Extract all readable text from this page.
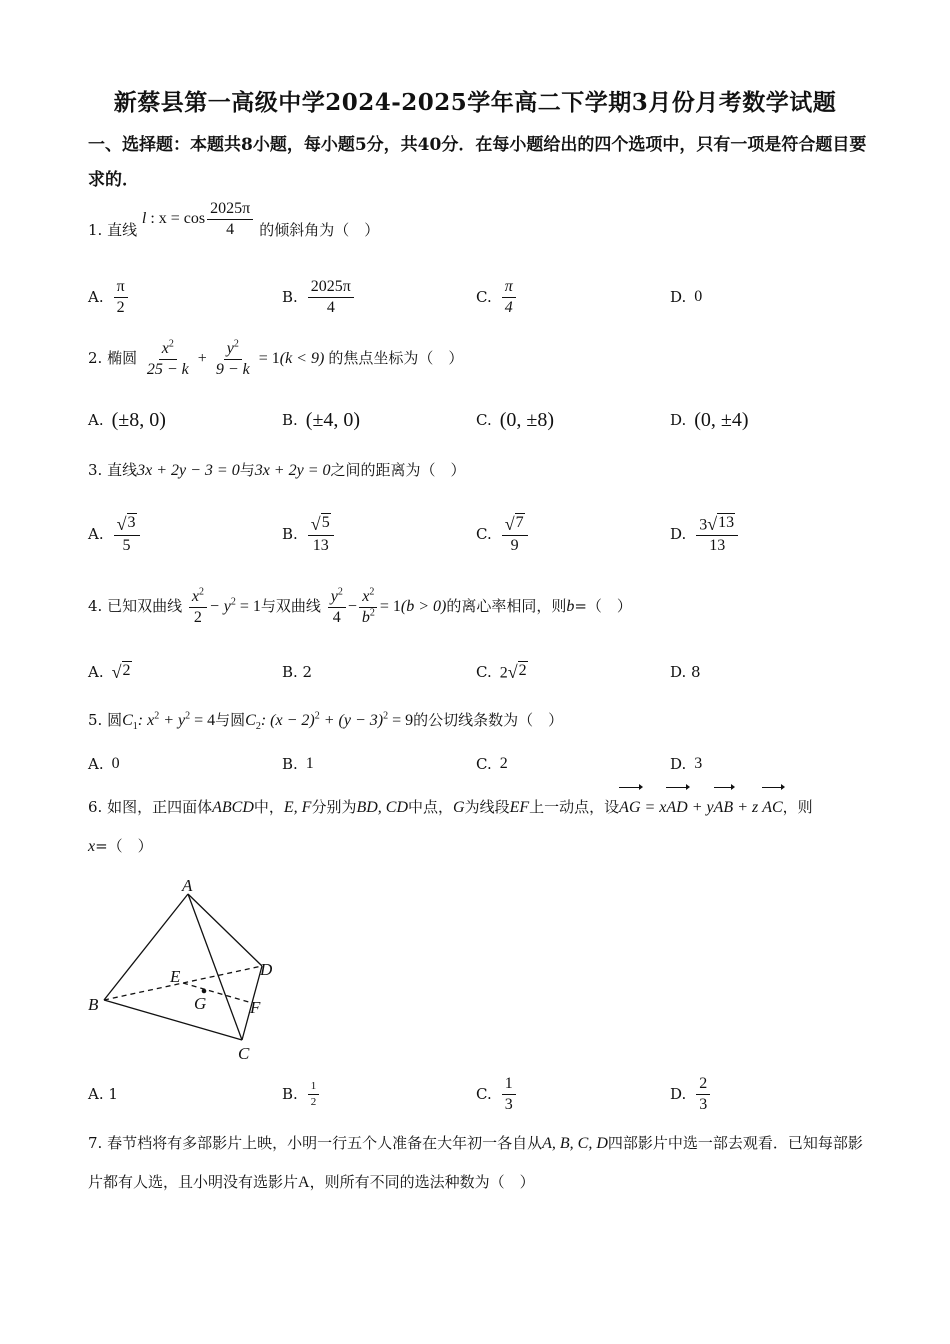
新蔡县第一高级中学2024-2025学年高二下学期3月份月考数学试题
一、选择题：本题共8小题，每小题5分，共40分．在每小题给出的四个选项中，只有一项是符合题目要求的．
1. 直线 l : $x = \cos \frac{2025\pi}{4}$ 的倾斜角为（　）
A. $\frac{\pi}{2}$	B. $\frac{2025\pi}{4}$	C. $\frac{\pi}{4}$	D. 0
2. 椭圆 $\frac{x^2}{25 - k} + \frac{y^2}{9 - k} = 1(k < 9)$ 的焦点坐标为（　）
A. (±8, 0)	B. (±4, 0)	C. (0, ±8)	D. (0, ±4)
3. 直线3x + 2y − 3 = 0与3x + 2y = 0之间的距离为（　）
A. $\frac{√ 3}{5}$	B. $\frac{√ 5}{13}$	C. $\frac{√ 7}{9}$	D. $\frac{3 √ 13}{13}$
4. 已知双曲线 $\frac{x^2}{2} - y^2 = 1$与双曲线 $\frac{y^2}{4} - \frac{x^2}{b^2} = 1(b > 0)$的离心率相同，则b=（　）
A. √ 2	B. 2	C. 2 √ 2	D. 8
5. 圆$C_1$: $x^2 + y^2 = 4$与圆$C_2$: $(x - 2)^2 + (y - 3)^2 = 9$的公切线条数为（　）
A. 0	B. 1	C. 2	D. 3
6. 如图，正四面体ABCD中，E, F分别为BD, CD中点，G为线段EF上一动点，设AG = xAD + yAB + z AC，则x=（　）
A
B
C
D
E
F
G
A. 1	B. $\frac{1}{2}$	C. $\frac{1}{3}$	D. $\frac{2}{3}$
7. 春节档将有多部影片上映，小明一行五个人准备在大年初一各自从A, B, C, D四部影片中选一部去观看．已知每部影片都有人选，且小明没有选影片A，则所有不同的选法种数为（　）
